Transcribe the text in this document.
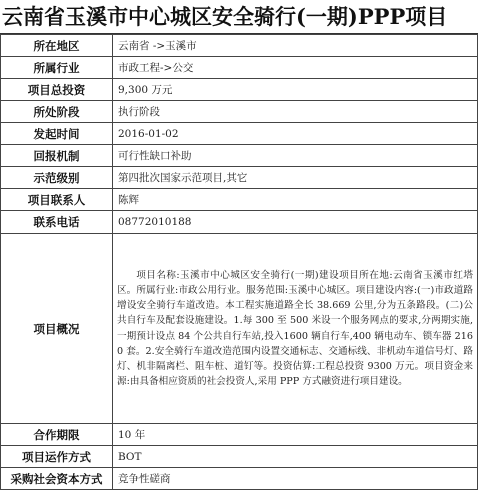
云南省玉溪市中心城区安全骑行(一期)PPP项目
所在地区	云南省 ->玉溪市
所属行业	市政工程->公交
项目总投资	9,300 万元
所处阶段	执行阶段
发起时间	2016-01-02
回报机制	可行性缺口补助
示范级别	第四批次国家示范项目,其它
项目联系人	陈辉
联系电话	08772010188
项目概况	项目名称:玉溪市中心城区安全骑行(一期)建设项目所在地:云南省玉溪市红塔区。所属行业:市政公用行业。服务范围:玉溪中心城区。项目建设内容:(一)市政道路增设安全骑行车道改造。本工程实施道路全长 38.669 公里,分为五条路段。(二)公共自行车及配套设施建设。1.每 300 至 500 米设一个服务网点的要求,分两期实施,一期预计设点 84 个公共自行车站,投入1600 辆自行车,400 辆电动车、锁车器 2160 套。2.安全骑行车道改造范围内设置交通标志、交通标线、非机动车道信号灯、路灯、机非隔离栏、阻车桩、道钉等。投资估算:工程总投资 9300 万元。项目资金来源:由具备相应资质的社会投资人,采用 PPP 方式融资进行项目建设。
合作期限	10 年
项目运作方式	BOT
采购社会资本方式	竞争性磋商
